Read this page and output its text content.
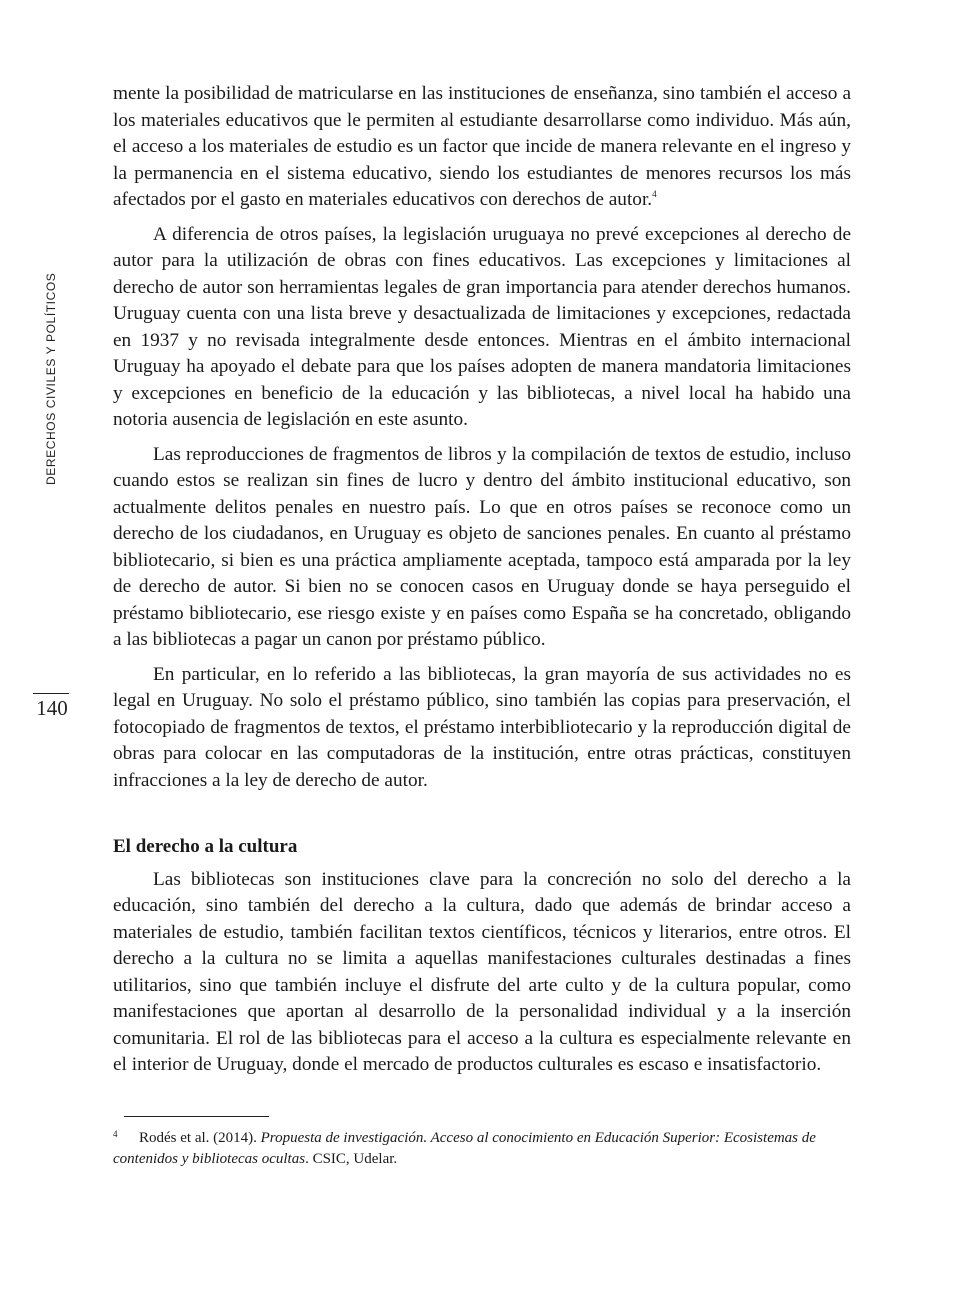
DERECHOS CIVILES Y POLÍTICOS
140

mente la posibilidad de matricularse en las instituciones de enseñanza, sino también el acceso a los materiales educativos que le permiten al estudiante desarrollarse como individuo. Más aún, el acceso a los materiales de estudio es un factor que incide de manera relevante en el ingreso y la permanencia en el sistema educativo, siendo los estudiantes de menores recursos los más afectados por el gasto en materiales educativos con derechos de autor.$^4$

A diferencia de otros países, la legislación uruguaya no prevé excepciones al derecho de autor para la utilización de obras con fines educativos. Las excepciones y limitaciones al derecho de autor son herramientas legales de gran importancia para atender derechos humanos. Uruguay cuenta con una lista breve y desactualizada de limitaciones y excepciones, redactada en 1937 y no revisada integralmente desde entonces. Mientras en el ámbito internacional Uruguay ha apoyado el debate para que los países adopten de manera mandatoria limitaciones y excepciones en beneficio de la educación y las bibliotecas, a nivel local ha habido una notoria ausencia de legislación en este asunto.

Las reproducciones de fragmentos de libros y la compilación de textos de estudio, incluso cuando estos se realizan sin fines de lucro y dentro del ámbito institucional educativo, son actualmente delitos penales en nuestro país. Lo que en otros países se reconoce como un derecho de los ciudadanos, en Uruguay es objeto de sanciones penales. En cuanto al préstamo bibliotecario, si bien es una práctica ampliamente aceptada, tampoco está amparada por la ley de derecho de autor. Si bien no se conocen casos en Uruguay donde se haya perseguido el préstamo bibliotecario, ese riesgo existe y en países como España se ha concretado, obligando a las bibliotecas a pagar un canon por préstamo público.

En particular, en lo referido a las bibliotecas, la gran mayoría de sus actividades no es legal en Uruguay. No solo el préstamo público, sino también las copias para preservación, el fotocopiado de fragmentos de textos, el préstamo interbibliotecario y la reproducción digital de obras para colocar en las computadoras de la institución, entre otras prácticas, constituyen infracciones a la ley de derecho de autor.

El derecho a la cultura

Las bibliotecas son instituciones clave para la concreción no solo del derecho a la educación, sino también del derecho a la cultura, dado que además de brindar acceso a materiales de estudio, también facilitan textos científicos, técnicos y literarios, entre otros. El derecho a la cultura no se limita a aquellas manifestaciones culturales destinadas a fines utilitarios, sino que también incluye el disfrute del arte culto y de la cultura popular, como manifestaciones que aportan al desarrollo de la personalidad individual y a la inserción comunitaria. El rol de las bibliotecas para el acceso a la cultura es especialmente relevante en el interior de Uruguay, donde el mercado de productos culturales es escaso e insatisfactorio.

4 Rodés et al. (2014). Propuesta de investigación. Acceso al conocimiento en Educación Superior: Ecosistemas de contenidos y bibliotecas ocultas. CSIC, Udelar.
